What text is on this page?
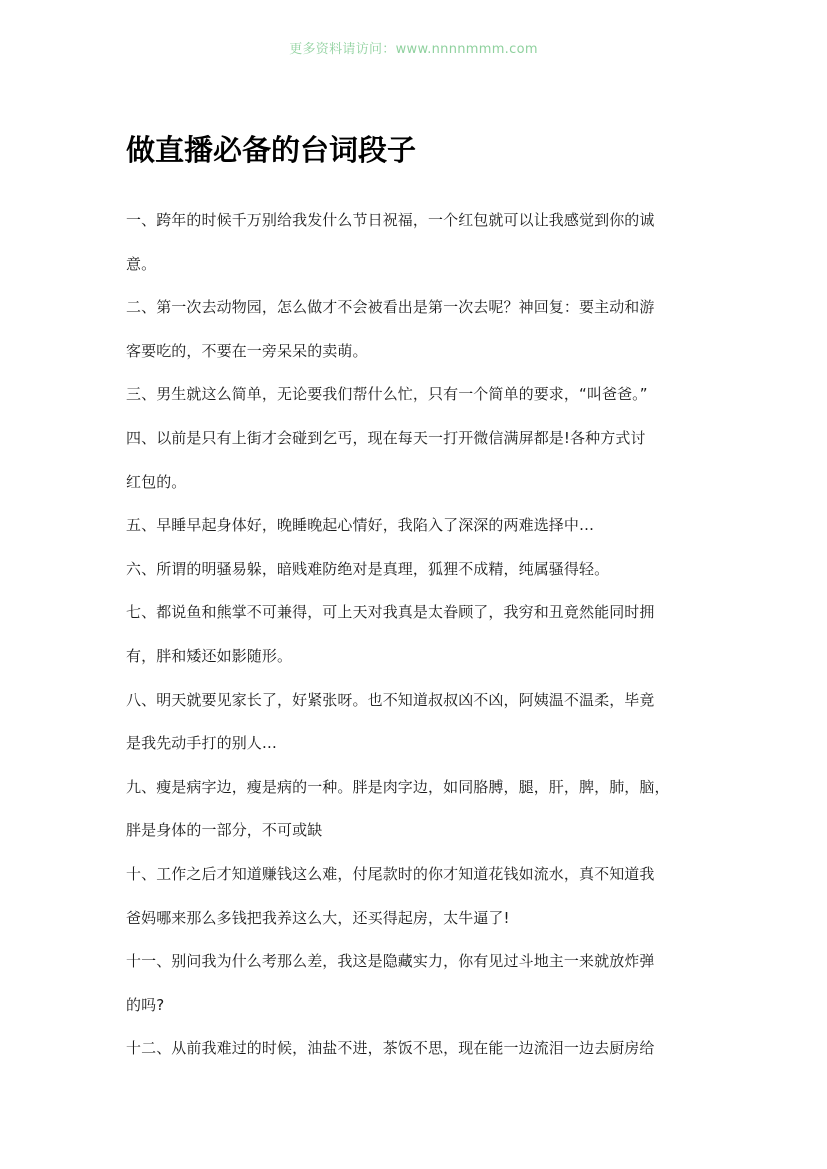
更多资料请访问：www.nnnnmmm.com
做直播必备的台词段子

一、跨年的时候千万别给我发什么节日祝福，一个红包就可以让我感觉到你的诚

意。

二、第一次去动物园，怎么做才不会被看出是第一次去呢？神回复：要主动和游

客要吃的，不要在一旁呆呆的卖萌。

三、男生就这么简单，无论要我们帮什么忙，只有一个简单的要求，“叫爸爸。”

四、以前是只有上街才会碰到乞丐，现在每天一打开微信满屏都是!各种方式讨

红包的。

五、早睡早起身体好，晚睡晚起心情好，我陷入了深深的两难选择中…

六、所谓的明骚易躲，暗贱难防绝对是真理，狐狸不成精，纯属骚得轻。

七、都说鱼和熊掌不可兼得，可上天对我真是太眷顾了，我穷和丑竟然能同时拥

有，胖和矮还如影随形。

八、明天就要见家长了，好紧张呀。也不知道叔叔凶不凶，阿姨温不温柔，毕竟

是我先动手打的别人…

九、瘦是病字边，瘦是病的一种。胖是肉字边，如同胳膊，腿，肝，脾，肺，脑，

胖是身体的一部分，不可或缺

十、工作之后才知道赚钱这么难，付尾款时的你才知道花钱如流水，真不知道我

爸妈哪来那么多钱把我养这么大，还买得起房，太牛逼了!

十一、别问我为什么考那么差，我这是隐藏实力，你有见过斗地主一来就放炸弹

的吗?

十二、从前我难过的时候，油盐不进，茶饭不思，现在能一边流泪一边去厨房给
